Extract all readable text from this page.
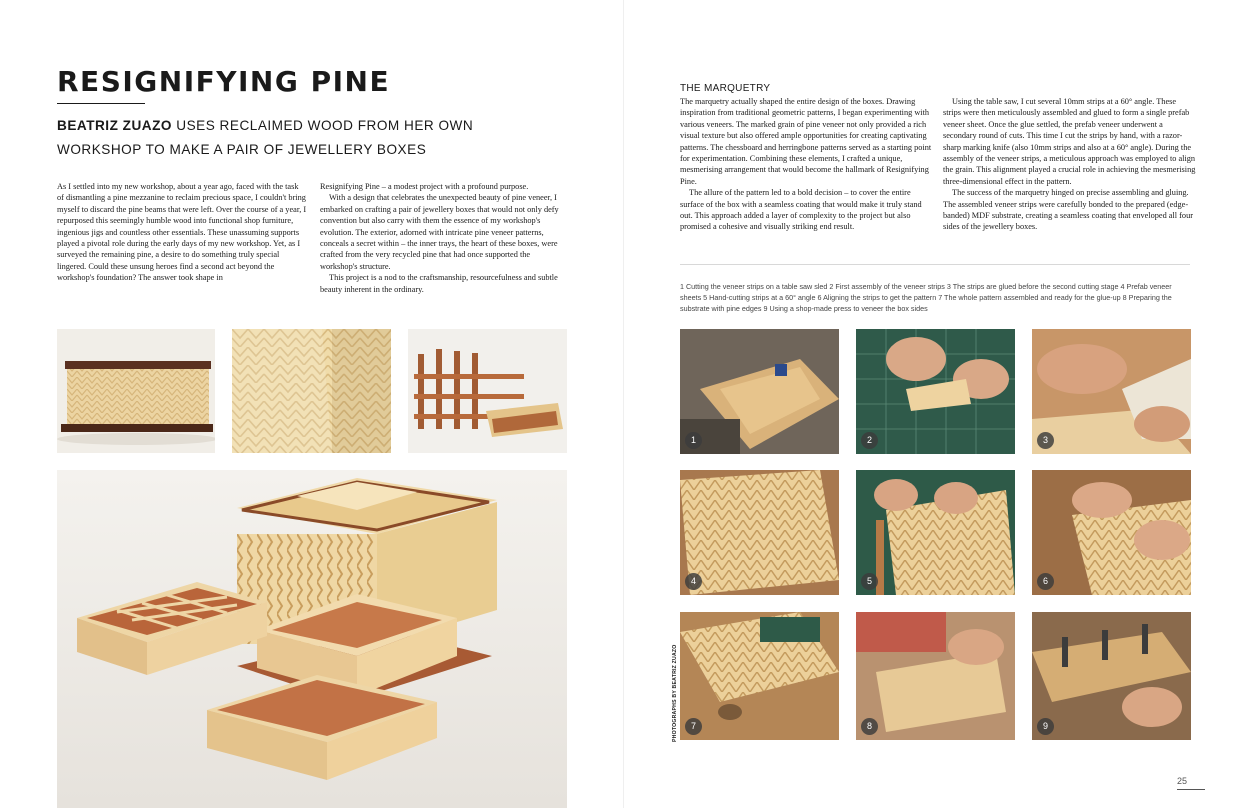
RESIGNIFYING PINE
BEATRIZ ZUAZO USES RECLAIMED WOOD FROM HER OWN WORKSHOP TO MAKE A PAIR OF JEWELLERY BOXES

As I settled into my new workshop, about a year ago, faced with the task of dismantling a pine mezzanine to reclaim precious space, I couldn't bring myself to discard the pine beams that were left. Over the course of a year, I repurposed this seemingly humble wood into functional shop furniture, ingenious jigs and countless other essentials. These unassuming supports played a pivotal role during the early days of my new workshop. Yet, as I surveyed the remaining pine, a desire to do something truly special lingered. Could these unsung heroes find a second act beyond the workshop's foundation? The answer took shape in

Resignifying Pine – a modest project with a profound purpose.

With a design that celebrates the unexpected beauty of pine veneer, I embarked on crafting a pair of jewellery boxes that would not only defy convention but also carry with them the essence of my workshop's evolution. The exterior, adorned with intricate pine veneer patterns, conceals a secret within – the inner trays, the heart of these boxes, were crafted from the very recycled pine that had once supported the workshop's structure.

This project is a nod to the craftsmanship, resourcefulness and subtle beauty inherent in the ordinary.

THE MARQUETRY

The marquetry actually shaped the entire design of the boxes. Drawing inspiration from traditional geometric patterns, I began experimenting with various veneers. The marked grain of pine veneer not only provided a rich visual texture but also offered ample opportunities for creating captivating patterns. The chessboard and herringbone patterns served as a starting point for experimentation. Combining these elements, I crafted a unique, mesmerising arrangement that would become the hallmark of Resignifying Pine.

The allure of the pattern led to a bold decision – to cover the entire surface of the box with a seamless coating that would make it truly stand out. This approach added a layer of complexity to the project but also promised a cohesive and visually striking end result.

Using the table saw, I cut several 10mm strips at a 60° angle. These strips were then meticulously assembled and glued to form a single prefab veneer sheet. Once the glue settled, the prefab veneer underwent a secondary round of cuts. This time I cut the strips by hand, with a razor-sharp marking knife (also 10mm strips and also at a 60° angle). During the assembly of the veneer strips, a meticulous approach was employed to align the grain. This alignment played a crucial role in achieving the mesmerising three-dimensional effect in the pattern.

The success of the marquetry hinged on precise assembling and gluing. The assembled veneer strips were carefully bonded to the prepared (edge-banded) MDF substrate, creating a seamless coating that enveloped all four sides of the jewellery boxes.

1 Cutting the veneer strips on a table saw sled 2 First assembly of the veneer strips 3 The strips are glued before the second cutting stage 4 Prefab veneer sheets 5 Hand-cutting strips at a 60° angle 6 Aligning the strips to get the pattern 7 The whole pattern assembled and ready for the glue-up 8 Preparing the substrate with pine edges 9 Using a shop-made press to veneer the box sides
1	2	3
4	5	6
7	8	9
PHOTOGRAPHS BY BEATRIZ ZUAZO
25
